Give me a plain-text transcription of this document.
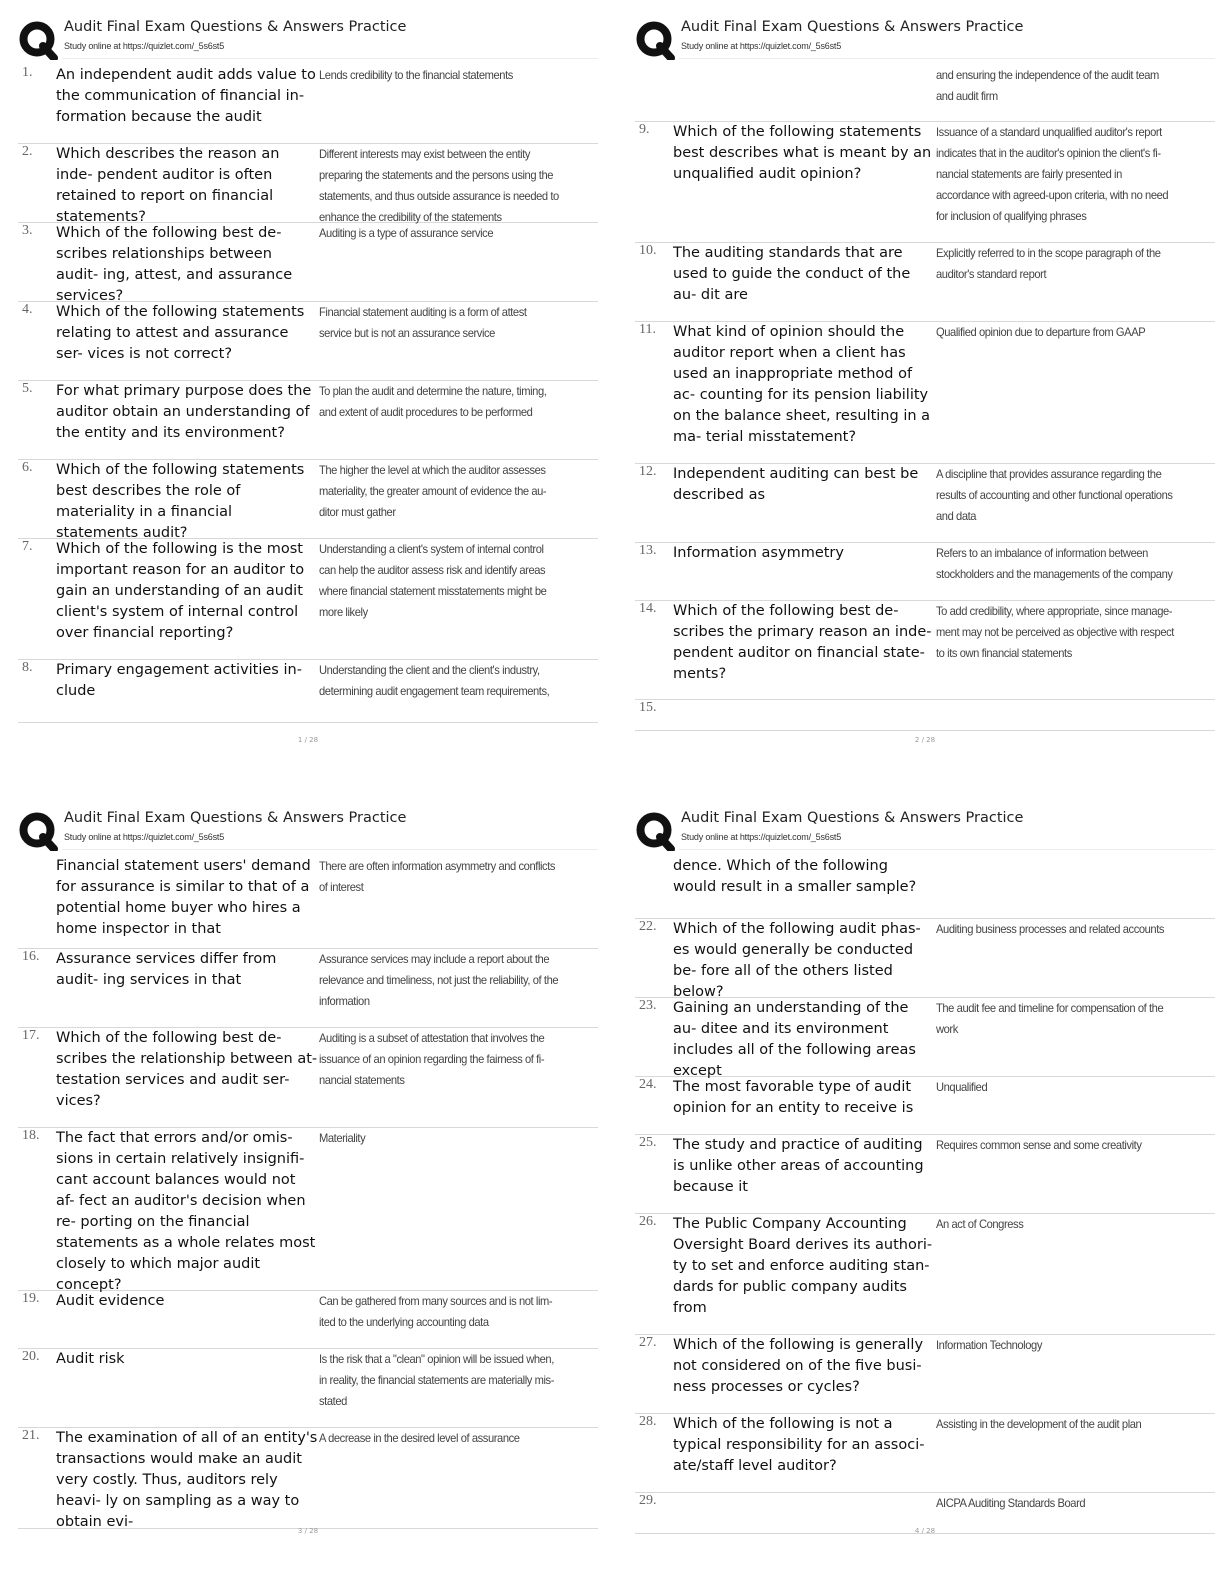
Audit Final Exam Questions & Answers Practice
Study online at https://quizlet.com/_5s6st5
1. An independent audit adds value to the communication of financial in- formation because the audit
Lends credibility to the financial statements
2. Which describes the reason an inde- pendent auditor is often retained to report on financial statements?
Different interests may exist between the entity preparing the statements and the persons using the statements, and thus outside assurance is needed to enhance the credibility of the statements
3. Which of the following best de- scribes relationships between audit- ing, attest, and assurance services?
Auditing is a type of assurance service
4. Which of the following statements relating to attest and assurance ser- vices is not correct?
Financial statement auditing is a form of attest service but is not an assurance service
5. For what primary purpose does the auditor obtain an understanding of the entity and its environment?
To plan the audit and determine the nature, timing, and extent of audit procedures to be performed
6. Which of the following statements best describes the role of materiality in a financial statements audit?
The higher the level at which the auditor assesses materiality, the greater amount of evidence the au- ditor must gather
7. Which of the following is the most important reason for an auditor to gain an understanding of an audit client's system of internal control over financial reporting?
Understanding a client's system of internal control can help the auditor assess risk and identify areas where financial statement misstatements might be more likely
8. Primary engagement activities in- clude
Understanding the client and the client's industry, determining audit engagement team requirements,
1 / 28
Audit Final Exam Questions & Answers Practice
Study online at https://quizlet.com/_5s6st5
and ensuring the independence of the audit team and audit firm
9. Which of the following statements best describes what is meant by an unqualified audit opinion?
Issuance of a standard unqualified auditor's report indicates that in the auditor's opinion the client's fi- nancial statements are fairly presented in accordance with agreed-upon criteria, with no need for inclusion of qualifying phrases
10. The auditing standards that are used to guide the conduct of the au- dit are
Explicitly referred to in the scope paragraph of the auditor's standard report
11. What kind of opinion should the auditor report when a client has used an inappropriate method of ac- counting for its pension liability on the balance sheet, resulting in a ma- terial misstatement?
Qualified opinion due to departure from GAAP
12. Independent auditing can best be described as
A discipline that provides assurance regarding the results of accounting and other functional operations and data
13. Information asymmetry	Refers to an imbalance of information between stockholders and the managements of the company
14. Which of the following best de- scribes the primary reason an inde- pendent auditor on financial state- ments?
To add credibility, where appropriate, since manage- ment may not be perceived as objective with respect to its own financial statements
15.
2 / 28
Audit Final Exam Questions & Answers Practice
Study online at https://quizlet.com/_5s6st5
Financial statement users' demand for assurance is similar to that of a potential home buyer who hires a home inspector in that
There are often information asymmetry and conflicts of interest
16. Assurance services differ from audit- ing services in that
Assurance services may include a report about the relevance and timeliness, not just the reliability, of the information
17. Which of the following best de- scribes the relationship between at- testation services and audit ser- vices?
Auditing is a subset of attestation that involves the issuance of an opinion regarding the fairness of fi- nancial statements
18. The fact that errors and/or omis- sions in certain relatively insignifi- cant account balances would not af- fect an auditor's decision when re- porting on the financial statements as a whole relates most closely to which major audit concept?
Materiality
19. Audit evidence	Can be gathered from many sources and is not lim- ited to the underlying accounting data
20. Audit risk	Is the risk that a "clean" opinion will be issued when, in reality, the financial statements are materially mis- stated
21. The examination of all of an entity's transactions would make an audit very costly. Thus, auditors rely heavi- ly on sampling as a way to obtain evi-
A decrease in the desired level of assurance
3 / 28
Audit Final Exam Questions & Answers Practice
Study online at https://quizlet.com/_5s6st5
dence. Which of the following would result in a smaller sample?
22. Which of the following audit phas- es would generally be conducted be- fore all of the others listed below?
Auditing business processes and related accounts
23. Gaining an understanding of the au- ditee and its environment includes all of the following areas except
The audit fee and timeline for compensation of the work
24. The most favorable type of audit opinion for an entity to receive is
Unqualified
25. The study and practice of auditing is unlike other areas of accounting because it
Requires common sense and some creativity
26. The Public Company Accounting Oversight Board derives its authori- ty to set and enforce auditing stan- dards for public company audits from
An act of Congress
27. Which of the following is generally not considered on of the five busi- ness processes or cycles?
Information Technology
28. Which of the following is not a typical responsibility for an associ- ate/staff level auditor?
Assisting in the development of the audit plan
29.	AICPA Auditing Standards Board
4 / 28
